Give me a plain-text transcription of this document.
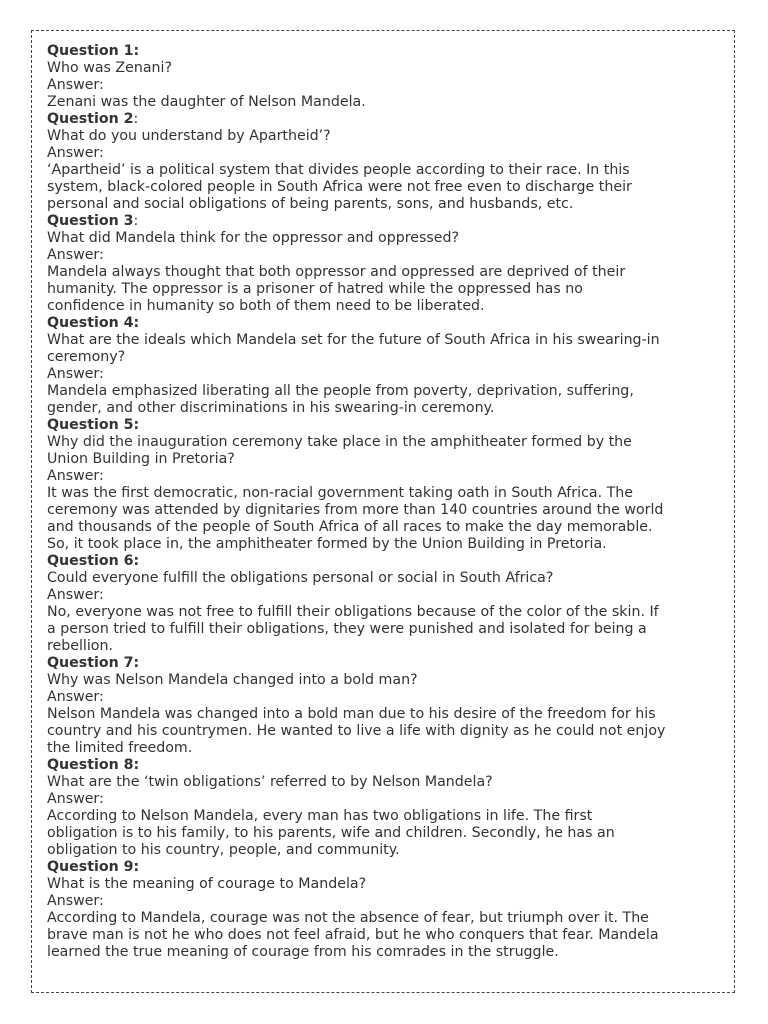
Question 1:
Who was Zenani?
Answer:
Zenani was the daughter of Nelson Mandela.
Question 2:
What do you understand by Apartheid’?
Answer:
‘Apartheid’ is a political system that divides people according to their race. In this
system, black-colored people in South Africa were not free even to discharge their
personal and social obligations of being parents, sons, and husbands, etc.
Question 3:
What did Mandela think for the oppressor and oppressed?
Answer:
Mandela always thought that both oppressor and oppressed are deprived of their
humanity. The oppressor is a prisoner of hatred while the oppressed has no
confidence in humanity so both of them need to be liberated.
Question 4:
What are the ideals which Mandela set for the future of South Africa in his swearing-in
ceremony?
Answer:
Mandela emphasized liberating all the people from poverty, deprivation, suffering,
gender, and other discriminations in his swearing-in ceremony.
Question 5:
Why did the inauguration ceremony take place in the amphitheater formed by the
Union Building in Pretoria?
Answer:
It was the first democratic, non-racial government taking oath in South Africa. The
ceremony was attended by dignitaries from more than 140 countries around the world
and thousands of the people of South Africa of all races to make the day memorable.
So, it took place in, the amphitheater formed by the Union Building in Pretoria.
Question 6:
Could everyone fulfill the obligations personal or social in South Africa?
Answer:
No, everyone was not free to fulfill their obligations because of the color of the skin. If
a person tried to fulfill their obligations, they were punished and isolated for being a
rebellion.
Question 7:
Why was Nelson Mandela changed into a bold man?
Answer:
Nelson Mandela was changed into a bold man due to his desire of the freedom for his
country and his countrymen. He wanted to live a life with dignity as he could not enjoy
the limited freedom.
Question 8:
What are the ‘twin obligations’ referred to by Nelson Mandela?
Answer:
According to Nelson Mandela, every man has two obligations in life. The first
obligation is to his family, to his parents, wife and children. Secondly, he has an
obligation to his country, people, and community.
Question 9:
What is the meaning of courage to Mandela?
Answer:
According to Mandela, courage was not the absence of fear, but triumph over it. The
brave man is not he who does not feel afraid, but he who conquers that fear. Mandela
learned the true meaning of courage from his comrades in the struggle.
